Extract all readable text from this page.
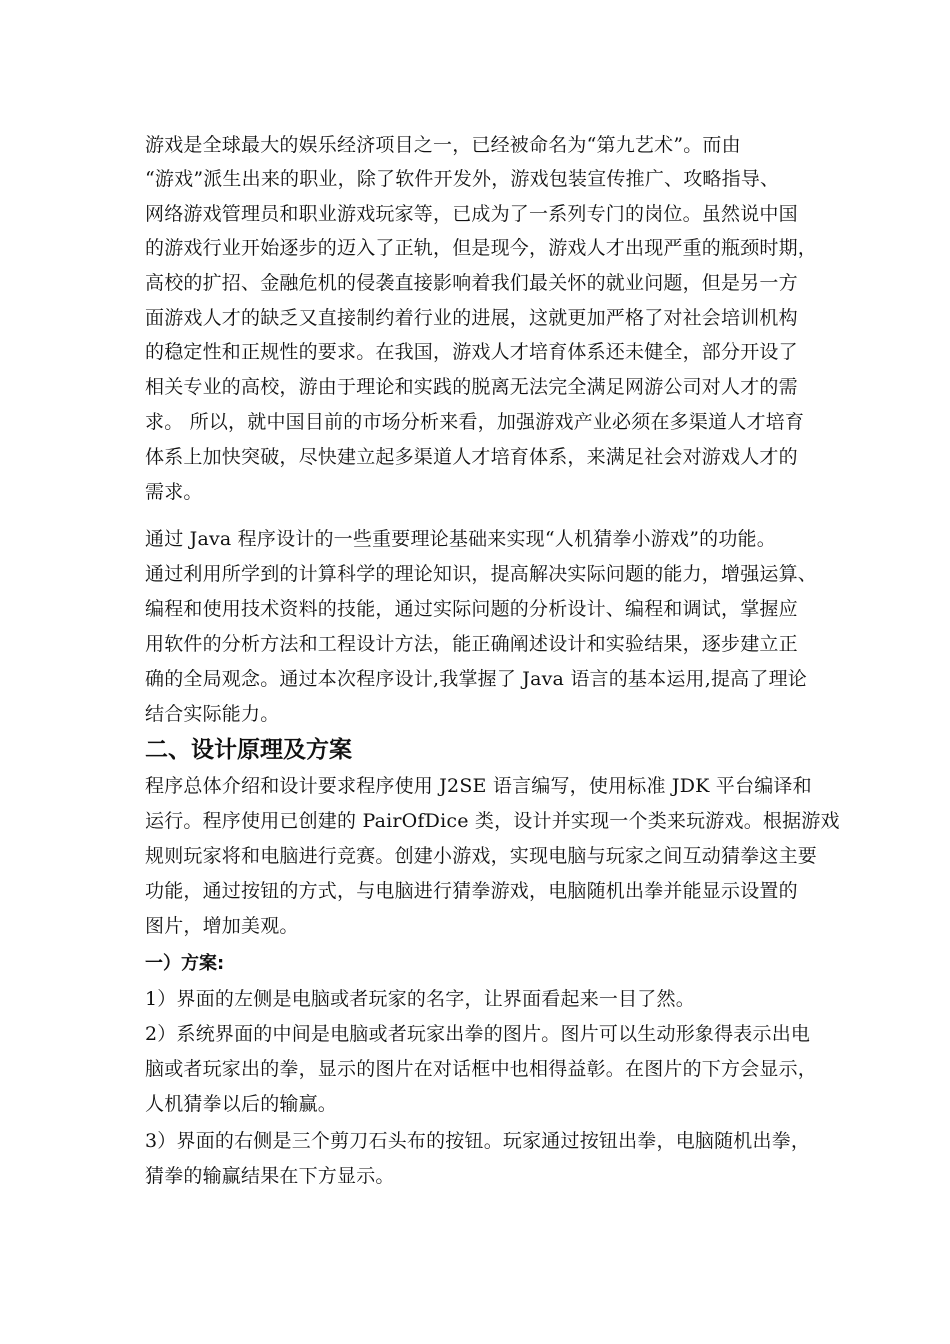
游戏是全球最大的娱乐经济项目之一，已经被命名为“第九艺术”。而由

“游戏”派生出来的职业，除了软件开发外，游戏包装宣传推广、攻略指导、

网络游戏管理员和职业游戏玩家等，已成为了一系列专门的岗位。虽然说中国

的游戏行业开始逐步的迈入了正轨，但是现今，游戏人才出现严重的瓶颈时期，

高校的扩招、金融危机的侵袭直接影响着我们最关怀的就业问题，但是另一方

面游戏人才的缺乏又直接制约着行业的进展，这就更加严格了对社会培训机构

的稳定性和正规性的要求。在我国，游戏人才培育体系还未健全，部分开设了

相关专业的高校，游由于理论和实践的脱离无法完全满足网游公司对人才的需

求。 所以，就中国目前的市场分析来看，加强游戏产业必须在多渠道人才培育

体系上加快突破，尽快建立起多渠道人才培育体系，来满足社会对游戏人才的

需求。

通过 Java 程序设计的一些重要理论基础来实现“人机猜拳小游戏”的功能。

通过利用所学到的计算科学的理论知识，提高解决实际问题的能力，增强运算、

编程和使用技术资料的技能，通过实际问题的分析设计、编程和调试，掌握应

用软件的分析方法和工程设计方法，能正确阐述设计和实验结果，逐步建立正

确的全局观念。通过本次程序设计,我掌握了 Java 语言的基本运用,提高了理论

结合实际能力。

二、设计原理及方案

程序总体介绍和设计要求程序使用 J2SE 语言编写，使用标准 JDK 平台编译和

运行。程序使用已创建的 PairOfDice 类，设计并实现一个类来玩游戏。根据游戏

规则玩家将和电脑进行竞赛。创建小游戏，实现电脑与玩家之间互动猜拳这主要

功能，通过按钮的方式，与电脑进行猜拳游戏，电脑随机出拳并能显示设置的

图片，增加美观。

一）方案:

1）界面的左侧是电脑或者玩家的名字，让界面看起来一目了然。

2）系统界面的中间是电脑或者玩家出拳的图片。图片可以生动形象得表示出电

脑或者玩家出的拳，显示的图片在对话框中也相得益彰。在图片的下方会显示，

人机猜拳以后的输赢。

3）界面的右侧是三个剪刀石头布的按钮。玩家通过按钮出拳，电脑随机出拳，

猜拳的输赢结果在下方显示。
